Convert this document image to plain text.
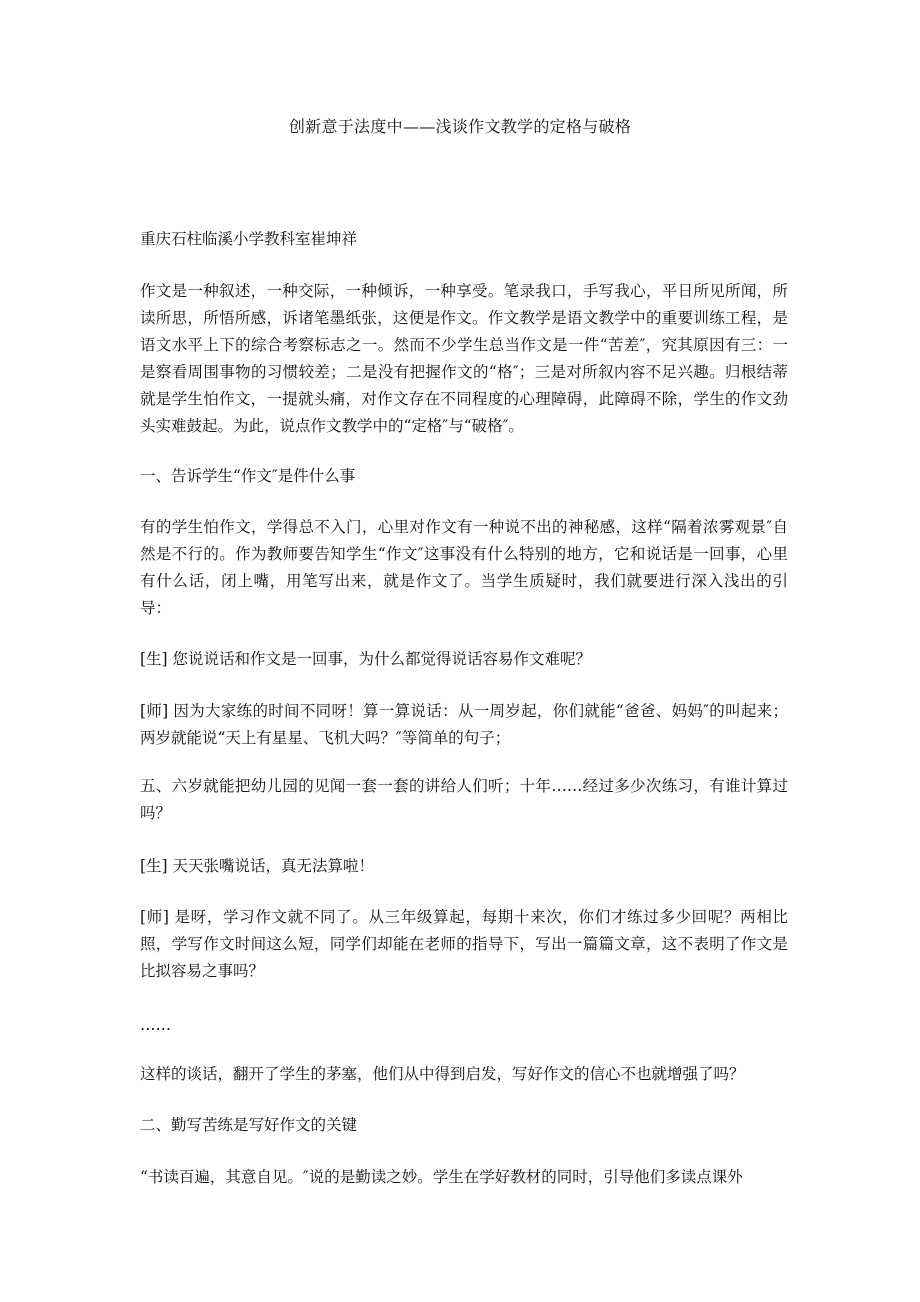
创新意于法度中——浅谈作文教学的定格与破格

重庆石柱临溪小学教科室崔坤祥

作文是一种叙述，一种交际，一种倾诉，一种享受。笔录我口，手写我心，平日所见所闻，所读所思，所悟所感，诉诸笔墨纸张，这便是作文。作文教学是语文教学中的重要训练工程，是语文水平上下的综合考察标志之一。然而不少学生总当作文是一件“苦差″，究其原因有三：一是察看周围事物的习惯较差；二是没有把握作文的“格″；三是对所叙内容不足兴趣。归根结蒂就是学生怕作文，一提就头痛，对作文存在不同程度的心理障碍，此障碍不除，学生的作文劲头实难鼓起。为此，说点作文教学中的“定格″与“破格″。

一、告诉学生“作文″是件什么事

有的学生怕作文，学得总不入门，心里对作文有一种说不出的神秘感，这样“隔着浓雾观景″自然是不行的。作为教师要告知学生“作文″这事没有什么特别的地方，它和说话是一回事，心里有什么话，闭上嘴，用笔写出来，就是作文了。当学生质疑时，我们就要进行深入浅出的引导：

[生] 您说说话和作文是一回事，为什么都觉得说话容易作文难呢？

[师] 因为大家练的时间不同呀！算一算说话：从一周岁起，你们就能“爸爸、妈妈″的叫起来；两岁就能说“天上有星星、飞机大吗？″等简单的句子；

五、六岁就能把幼儿园的见闻一套一套的讲给人们听；十年……经过多少次练习，有谁计算过吗？

[生] 天天张嘴说话，真无法算啦！

[师] 是呀，学习作文就不同了。从三年级算起，每期十来次，你们才练过多少回呢？两相比照，学写作文时间这么短，同学们却能在老师的指导下，写出一篇篇文章，这不表明了作文是比拟容易之事吗？

……

这样的谈话，翻开了学生的茅塞，他们从中得到启发，写好作文的信心不也就增强了吗？

二、勤写苦练是写好作文的关键

“书读百遍，其意自见。″说的是勤读之妙。学生在学好教材的同时，引导他们多读点课外
